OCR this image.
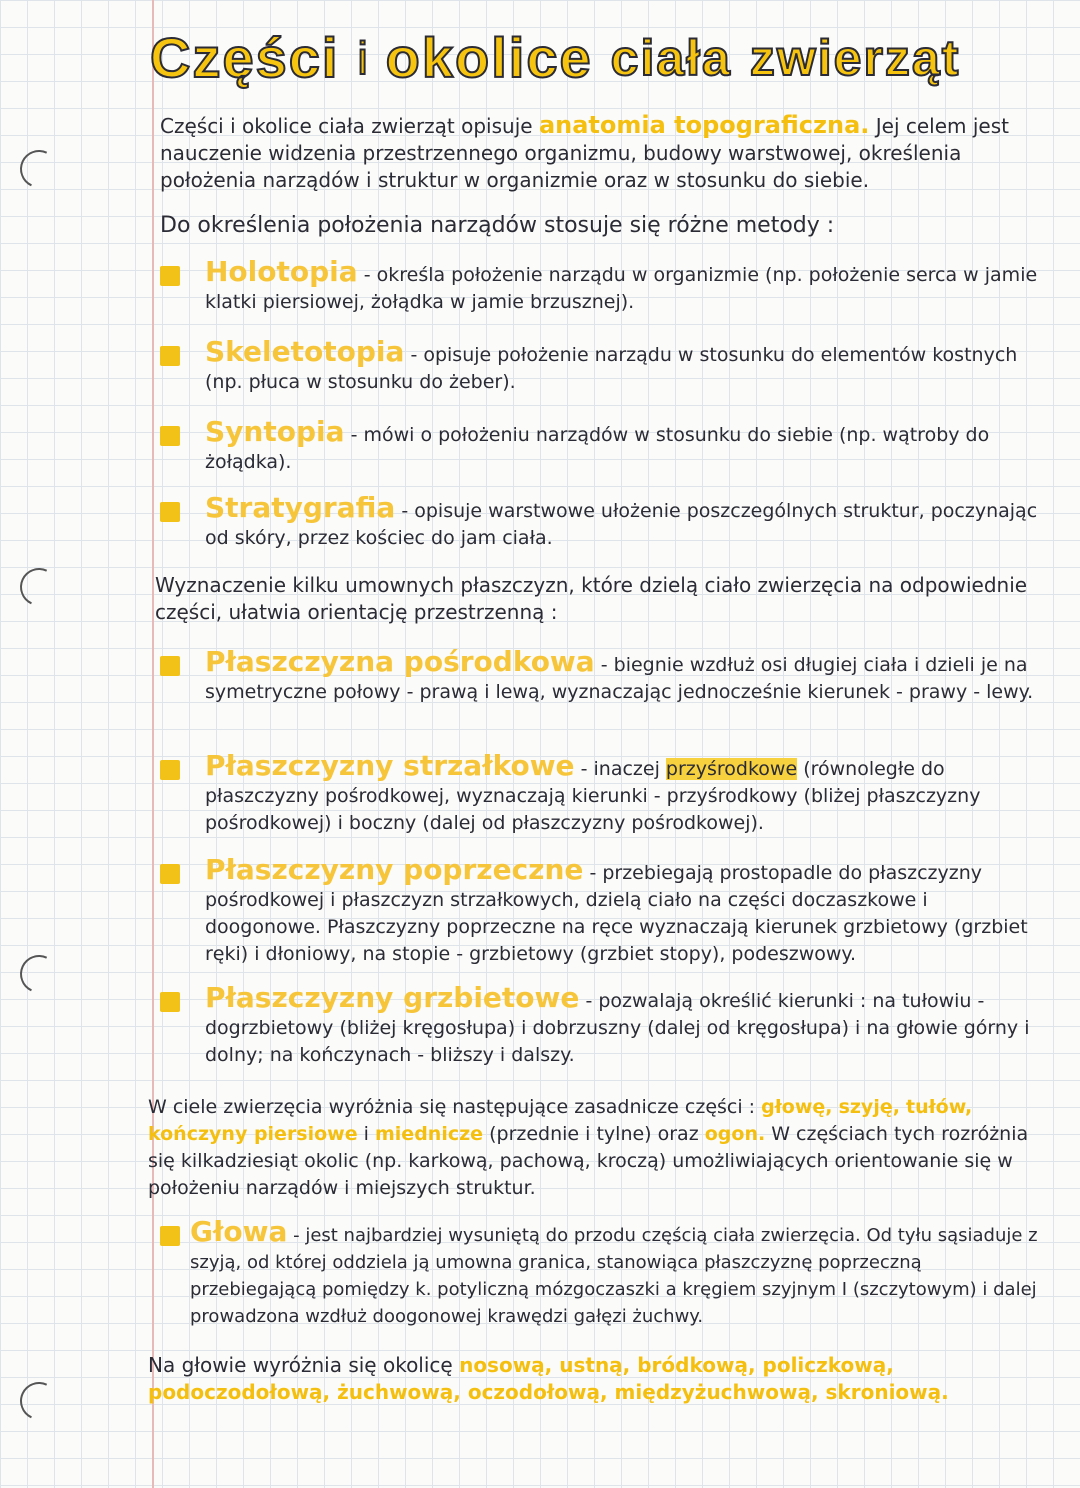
Części i okolice ciała zwierząt
Części i okolice ciała zwierząt opisuje anatomia topograficzna. Jej celem jest nauczenie widzenia przestrzennego organizmu, budowy warstwowej, określenia położenia narządów i struktur w organizmie oraz w stosunku do siebie.
Do określenia położenia narządów stosuje się różne metody :
Holotopia - określa położenie narządu w organizmie (np. położenie serca w jamie klatki piersiowej, żołądka w jamie brzusznej).
Skeletotopia - opisuje położenie narządu w stosunku do elementów kostnych (np. płuca w stosunku do żeber).
Syntopia - mówi o położeniu narządów w stosunku do siebie (np. wątroby do żołądka).
Stratygrafia - opisuje warstwowe ułożenie poszczególnych struktur, poczynając od skóry, przez kościec do jam ciała.
Wyznaczenie kilku umownych płaszczyzn, które dzielą ciało zwierzęcia na odpowiednie części, ułatwia orientację przestrzenną :
Płaszczyzna pośrodkowa - biegnie wzdłuż osi długiej ciała i dzieli je na symetryczne połowy - prawą i lewą, wyznaczając jednocześnie kierunek - prawy - lewy.
Płaszczyzny strzałkowe - inaczej przyśrodkowe (równoległe do płaszczyzny pośrodkowej, wyznaczają kierunki - przyśrodkowy (bliżej płaszczyzny pośrodkowej) i boczny (dalej od płaszczyzny pośrodkowej).
Płaszczyzny poprzeczne - przebiegają prostopadle do płaszczyzny pośrodkowej i płaszczyzn strzałkowych, dzielą ciało na części doczaszkowe i doogonowe. Płaszczyzny poprzeczne na ręce wyznaczają kierunek grzbietowy (grzbiet ręki) i dłoniowy, na stopie - grzbietowy (grzbiet stopy), podeszwowy.
Płaszczyzny grzbietowe - pozwalają określić kierunki : na tułowiu - dogrzbietowy (bliżej kręgosłupa) i dobrzuszny (dalej od kręgosłupa) i na głowie górny i dolny; na kończynach - bliższy i dalszy.
W ciele zwierzęcia wyróżnia się następujące zasadnicze części : głowę, szyję, tułów, kończyny piersiowe i miednicze (przednie i tylne) oraz ogon. W częściach tych rozróżnia się kilkadziesiąt okolic (np. karkową, pachową, kroczą) umożliwiających orientowanie się w położeniu narządów i miejszych struktur.
Głowa - jest najbardziej wysuniętą do przodu częścią ciała zwierzęcia. Od tyłu sąsiaduje z szyją, od której oddziela ją umowna granica, stanowiąca płaszczyznę poprzeczną przebiegającą pomiędzy k. potyliczną mózgoczaszki a kręgiem szyjnym I (szczytowym) i dalej prowadzona wzdłuż doogonowej krawędzi gałęzi żuchwy.
Na głowie wyróżnia się okolicę nosową, ustną, bródkową, policzkową, podoczodołową, żuchwową, oczodołową, międzyżuchwową, skroniową.
